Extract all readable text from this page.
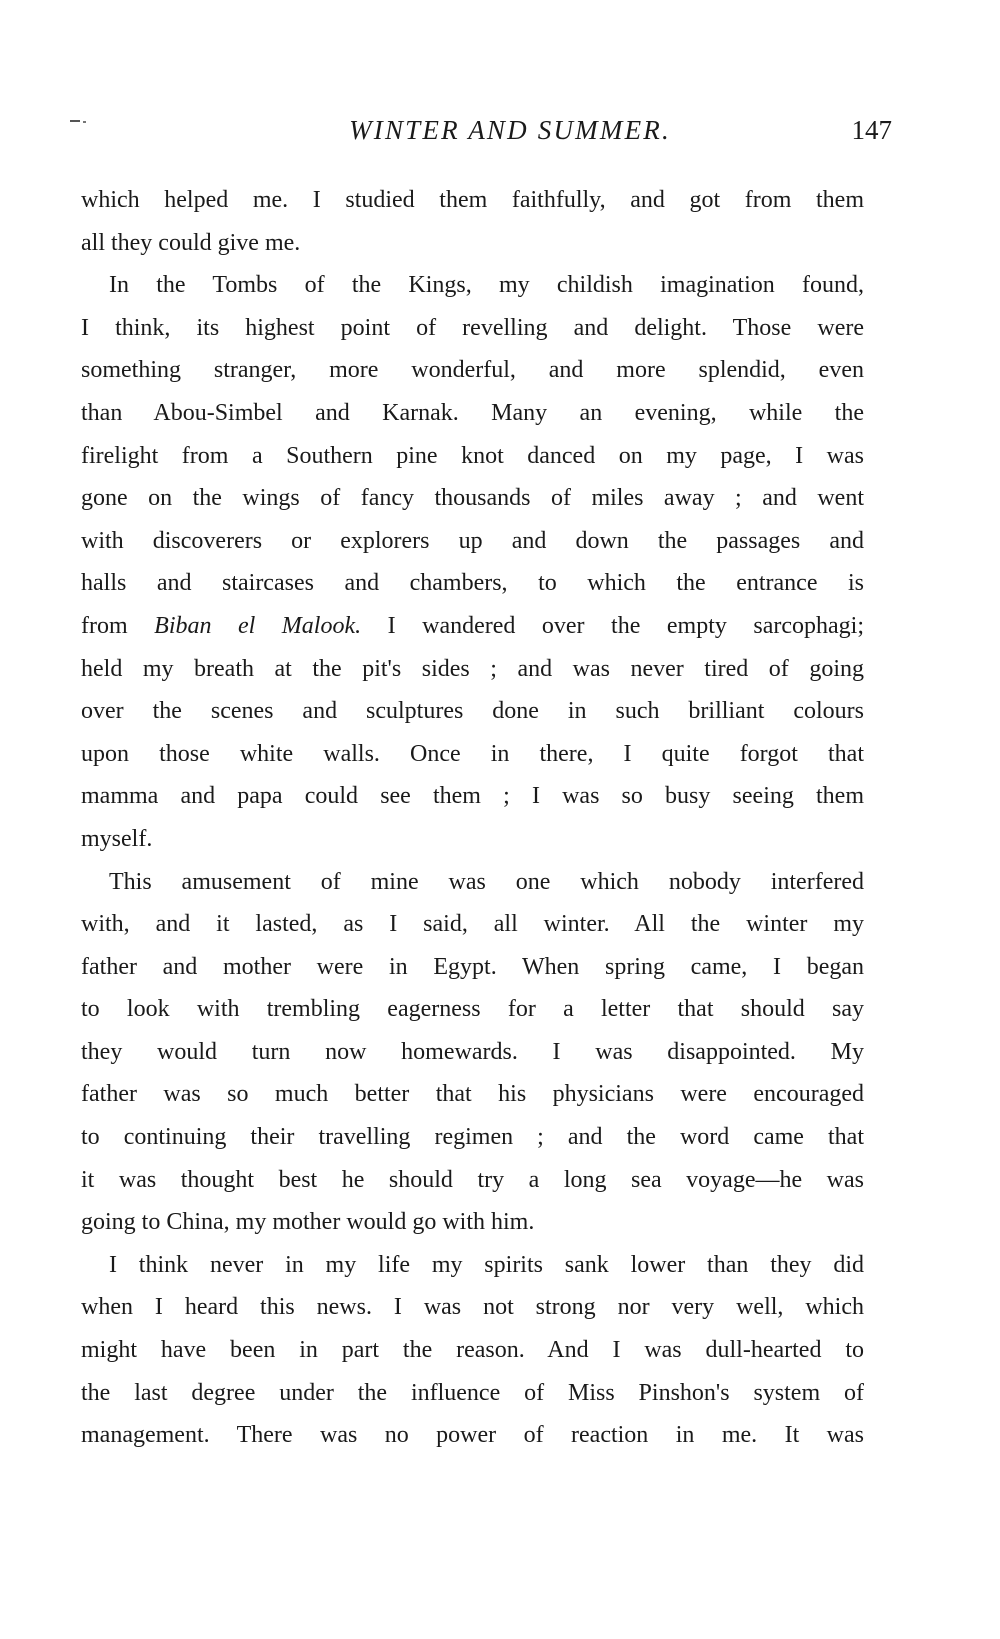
WINTER AND SUMMER.	147
which helped me. I studied them faithfully, and got from them
all they could give me.
In the Tombs of the Kings, my childish imagination found,
I think, its highest point of revelling and delight. Those were
something stranger, more wonderful, and more splendid, even
than Abou-Simbel and Karnak. Many an evening, while the
firelight from a Southern pine knot danced on my page, I was
gone on the wings of fancy thousands of miles away ; and went
with discoverers or explorers up and down the passages and
halls and staircases and chambers, to which the entrance is
from Biban el Malook. I wandered over the empty sarcophagi;
held my breath at the pit's sides ; and was never tired of going
over the scenes and sculptures done in such brilliant colours
upon those white walls. Once in there, I quite forgot that
mamma and papa could see them ; I was so busy seeing them
myself.
This amusement of mine was one which nobody interfered
with, and it lasted, as I said, all winter. All the winter my
father and mother were in Egypt. When spring came, I began
to look with trembling eagerness for a letter that should say
they would turn now homewards. I was disappointed. My
father was so much better that his physicians were encouraged
to continuing their travelling regimen ; and the word came that
it was thought best he should try a long sea voyage—he was
going to China, my mother would go with him.
I think never in my life my spirits sank lower than they did
when I heard this news. I was not strong nor very well, which
might have been in part the reason. And I was dull-hearted to
the last degree under the influence of Miss Pinshon's system of
management. There was no power of reaction in me. It was
